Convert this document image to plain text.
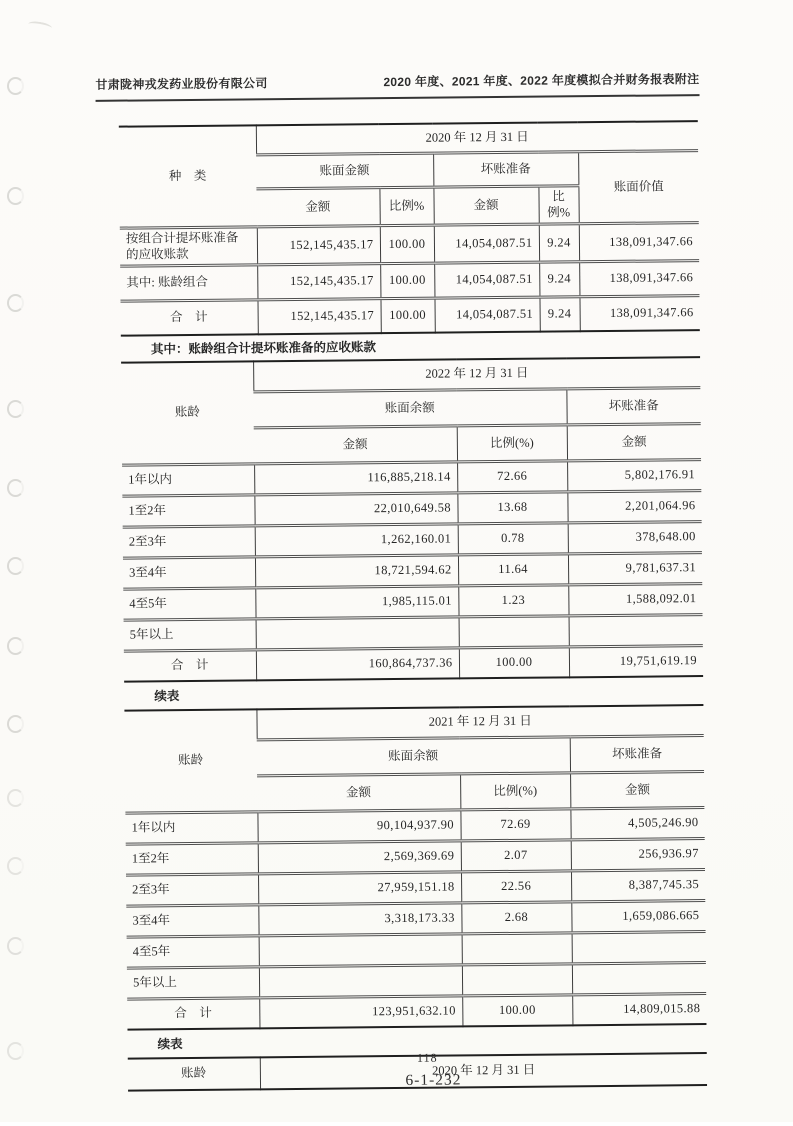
甘肃陇神戎发药业股份有限公司	2020 年度、2021 年度、2022 年度模拟合并财务报表附注
种　类	2020 年 12 月 31 日				
	账面金额		坏账准备		账面价值
	金额	比例%	金额	比
例%	
按组合计提坏账准备的应收账款	152,145,435.17	100.00	14,054,087.51	9.24	138,091,347.66
其中: 账龄组合	152,145,435.17	100.00	14,054,087.51	9.24	138,091,347.66
合　计	152,145,435.17	100.00	14,054,087.51	9.24	138,091,347.66
其中：账龄组合计提坏账准备的应收账款
账龄	2022 年 12 月 31 日		
	账面余额		坏账准备
	金额	比例(%)	金额
1年以内	116,885,218.14	72.66	5,802,176.91
1至2年	22,010,649.58	13.68	2,201,064.96
2至3年	1,262,160.01	0.78	378,648.00
3至4年	18,721,594.62	11.64	9,781,637.31
4至5年	1,985,115.01	1.23	1,588,092.01
5年以上			
合　计	160,864,737.36	100.00	19,751,619.19
续表
账龄	2021 年 12 月 31 日		
	账面余额		坏账准备
	金额	比例(%)	金额
1年以内	90,104,937.90	72.69	4,505,246.90
1至2年	2,569,369.69	2.07	256,936.97
2至3年	27,959,151.18	22.56	8,387,745.35
3至4年	3,318,173.33	2.68	1,659,086.665
4至5年			
5年以上			
合　计	123,951,632.10	100.00	14,809,015.88
续表
账龄	2020 年 12 月 31 日
118
6-1-232
